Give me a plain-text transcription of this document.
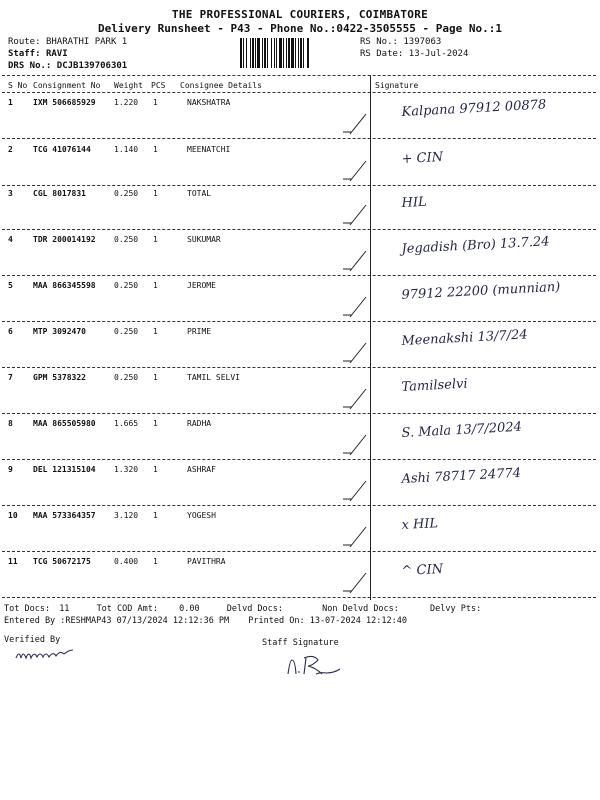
THE PROFESSIONAL COURIERS, COIMBATORE
Delivery Runsheet - P43 - Phone No.:0422-3505555 - Page No.:1
Route: BHARATHI PARK 1
Staff: RAVI
DRS No.: DCJB139706301
RS No.: 1397063
RS Date: 13-Jul-2024
S No Consignment No Weight PCS Consignee Details	Signature
1	IXM 506685929 1.220 1	NAKSHATRA	Kalpana 97912 00878
2	TCG 41076144	1.140 1	MEENATCHI
+ CIN
3	CGL 8017831	0.250 1	TOTAL
HIL
4	TDR 200014192 0.250 1	SUKUMAR	Jegadish (Bro) 13.7.24
5	MAA 866345598 0.250 1	JEROME	97912 22200 (munnian)
6	MTP 3092470	0.250 1	PRIME	Meenakshi 13/7/24
7	GPM 5378322	0.250 1	TAMIL SELVI	Tamilselvi
8	MAA 865505980 1.665 1	RADHA	S. Mala 13/7/2024
9	DEL 121315104 1.320 1	ASHRAF	Ashi 78717 24774
10 MAA 573364357 3.120 1	YOGESH
x HIL
11 TCG 50672175	0.400 1	PAVITHRA
^ CIN
Tot Docs: 11	Tot COD Amt: 0.00	Delvd Docs:	Non Delvd Docs:	Delvy Pts:
Entered By :RESHMAP43 07/13/2024 12:12:36 PM Printed On: 13-07-2024 12:12:40
Verified By	Staff Signature
